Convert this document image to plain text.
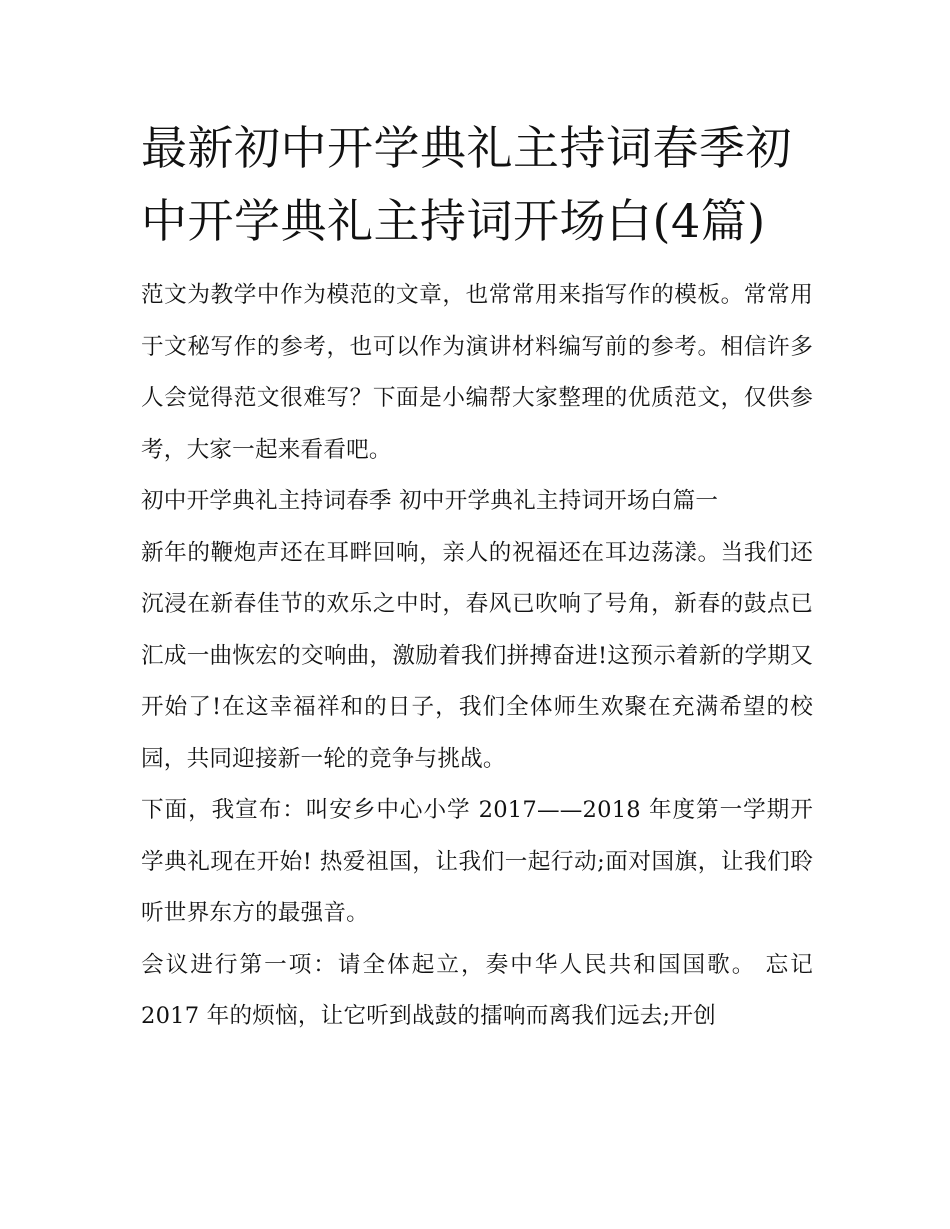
最新初中开学典礼主持词春季初中开学典礼主持词开场白(4篇)

范文为教学中作为模范的文章，也常常用来指写作的模板。常常用于文秘写作的参考，也可以作为演讲材料编写前的参考。相信许多人会觉得范文很难写？下面是小编帮大家整理的优质范文，仅供参考，大家一起来看看吧。

初中开学典礼主持词春季 初中开学典礼主持词开场白篇一

新年的鞭炮声还在耳畔回响，亲人的祝福还在耳边荡漾。当我们还沉浸在新春佳节的欢乐之中时，春风已吹响了号角，新春的鼓点已汇成一曲恢宏的交响曲，激励着我们拼搏奋进!这预示着新的学期又开始了!在这幸福祥和的日子，我们全体师生欢聚在充满希望的校园，共同迎接新一轮的竞争与挑战。

下面，我宣布：叫安乡中心小学 2017——2018 年度第一学期开学典礼现在开始! 热爱祖国，让我们一起行动;面对国旗，让我们聆听世界东方的最强音。

会议进行第一项：请全体起立，奏中华人民共和国国歌。 忘记 2017 年的烦恼，让它听到战鼓的擂响而离我们远去;开创
